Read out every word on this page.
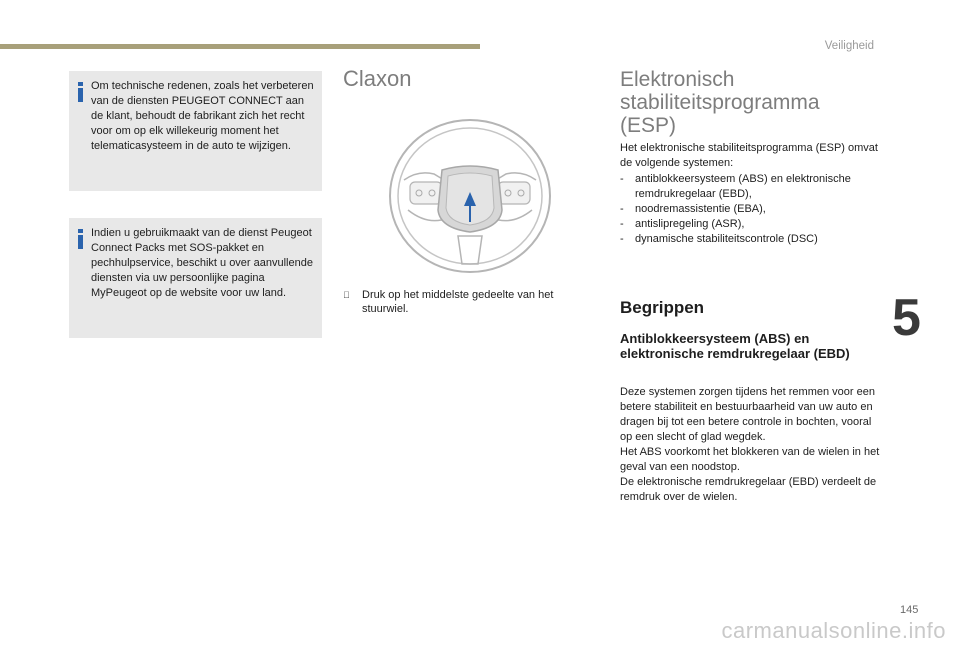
Veiligheid
Om technische redenen, zoals het verbeteren van de diensten PEUGEOT CONNECT aan de klant, behoudt de fabrikant zich het recht voor om op elk willekeurig moment het telematicasysteem in de auto te wijzigen.
Indien u gebruikmaakt van de dienst Peugeot Connect Packs met SOS-pakket en pechhulpservice, beschikt u over aanvullende diensten via uw persoonlijke pagina MyPeugeot op de website voor uw land.
Claxon
Druk op het middelste gedeelte van het stuurwiel.
Elektronisch stabiliteitsprogramma (ESP)
Het elektronische stabiliteitsprogramma (ESP) omvat de volgende systemen:
- antiblokkeersysteem (ABS) en elektronische remdrukregelaar (EBD),
- noodremassistentie (EBA),
- antislipregeling (ASR),
- dynamische stabiliteitscontrole (DSC)
Begrippen
Antiblokkeersysteem (ABS) en elektronische remdrukregelaar (EBD)

Deze systemen zorgen tijdens het remmen voor een betere stabiliteit en bestuurbaarheid van uw auto en dragen bij tot een betere controle in bochten, vooral op een slecht of glad wegdek.

Het ABS voorkomt het blokkeren van de wielen in het geval van een noodstop.

De elektronische remdrukregelaar (EBD) verdeelt de remdruk over de wielen.

5
145
carmanualsonline.info
